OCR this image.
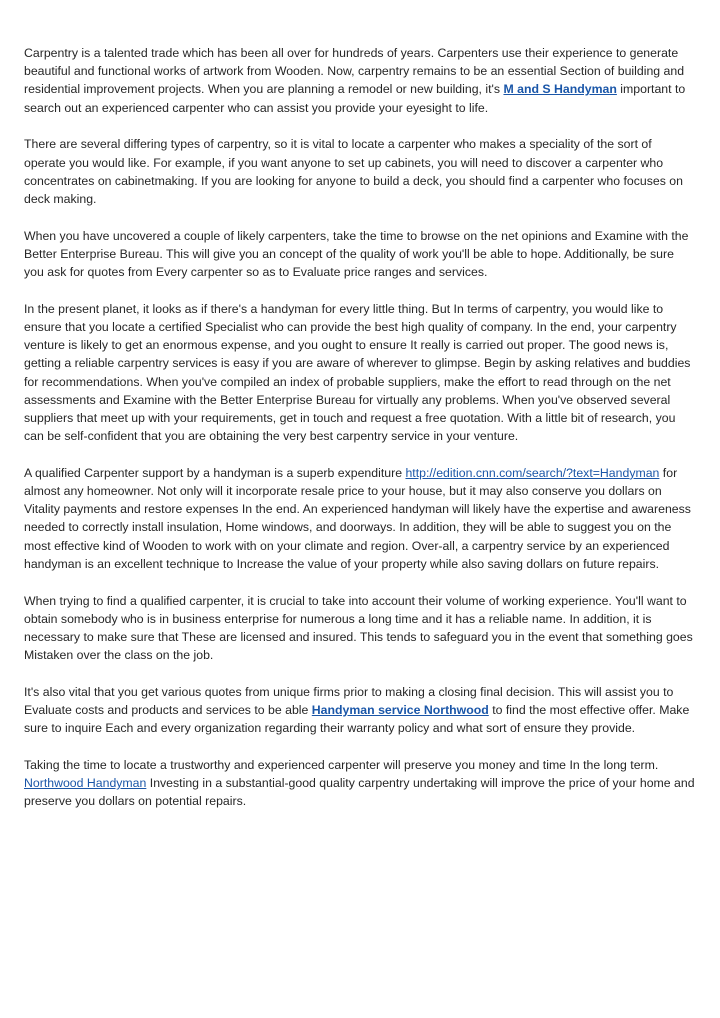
Carpentry is a talented trade which has been all over for hundreds of years. Carpenters use their experience to generate beautiful and functional works of artwork from Wooden. Now, carpentry remains to be an essential Section of building and residential improvement projects. When you are planning a remodel or new building, it's M and S Handyman important to search out an experienced carpenter who can assist you provide your eyesight to life.

There are several differing types of carpentry, so it is vital to locate a carpenter who makes a speciality of the sort of operate you would like. For example, if you want anyone to set up cabinets, you will need to discover a carpenter who concentrates on cabinetmaking. If you are looking for anyone to build a deck, you should find a carpenter who focuses on deck making.

When you have uncovered a couple of likely carpenters, take the time to browse on the net opinions and Examine with the Better Enterprise Bureau. This will give you an concept of the quality of work you'll be able to hope. Additionally, be sure you ask for quotes from Every carpenter so as to Evaluate price ranges and services.

In the present planet, it looks as if there's a handyman for every little thing. But In terms of carpentry, you would like to ensure that you locate a certified Specialist who can provide the best high quality of company. In the end, your carpentry venture is likely to get an enormous expense, and you ought to ensure It really is carried out proper. The good news is, getting a reliable carpentry services is easy if you are aware of wherever to glimpse. Begin by asking relatives and buddies for recommendations. When you've compiled an index of probable suppliers, make the effort to read through on the net assessments and Examine with the Better Enterprise Bureau for virtually any problems. When you've observed several suppliers that meet up with your requirements, get in touch and request a free quotation. With a little bit of research, you can be self-confident that you are obtaining the very best carpentry service in your venture.

A qualified Carpenter support by a handyman is a superb expenditure http://edition.cnn.com/search/?text=Handyman for almost any homeowner. Not only will it incorporate resale price to your house, but it may also conserve you dollars on Vitality payments and restore expenses In the end. An experienced handyman will likely have the expertise and awareness needed to correctly install insulation, Home windows, and doorways. In addition, they will be able to suggest you on the most effective kind of Wooden to work with on your climate and region. Over-all, a carpentry service by an experienced handyman is an excellent technique to Increase the value of your property while also saving dollars on future repairs.

When trying to find a qualified carpenter, it is crucial to take into account their volume of working experience. You'll want to obtain somebody who is in business enterprise for numerous a long time and it has a reliable name. In addition, it is necessary to make sure that These are licensed and insured. This tends to safeguard you in the event that something goes Mistaken over the class on the job.

It's also vital that you get various quotes from unique firms prior to making a closing final decision. This will assist you to Evaluate costs and products and services to be able Handyman service Northwood to find the most effective offer. Make sure to inquire Each and every organization regarding their warranty policy and what sort of ensure they provide.

Taking the time to locate a trustworthy and experienced carpenter will preserve you money and time In the long term. Northwood Handyman Investing in a substantial-good quality carpentry undertaking will improve the price of your home and preserve you dollars on potential repairs.
